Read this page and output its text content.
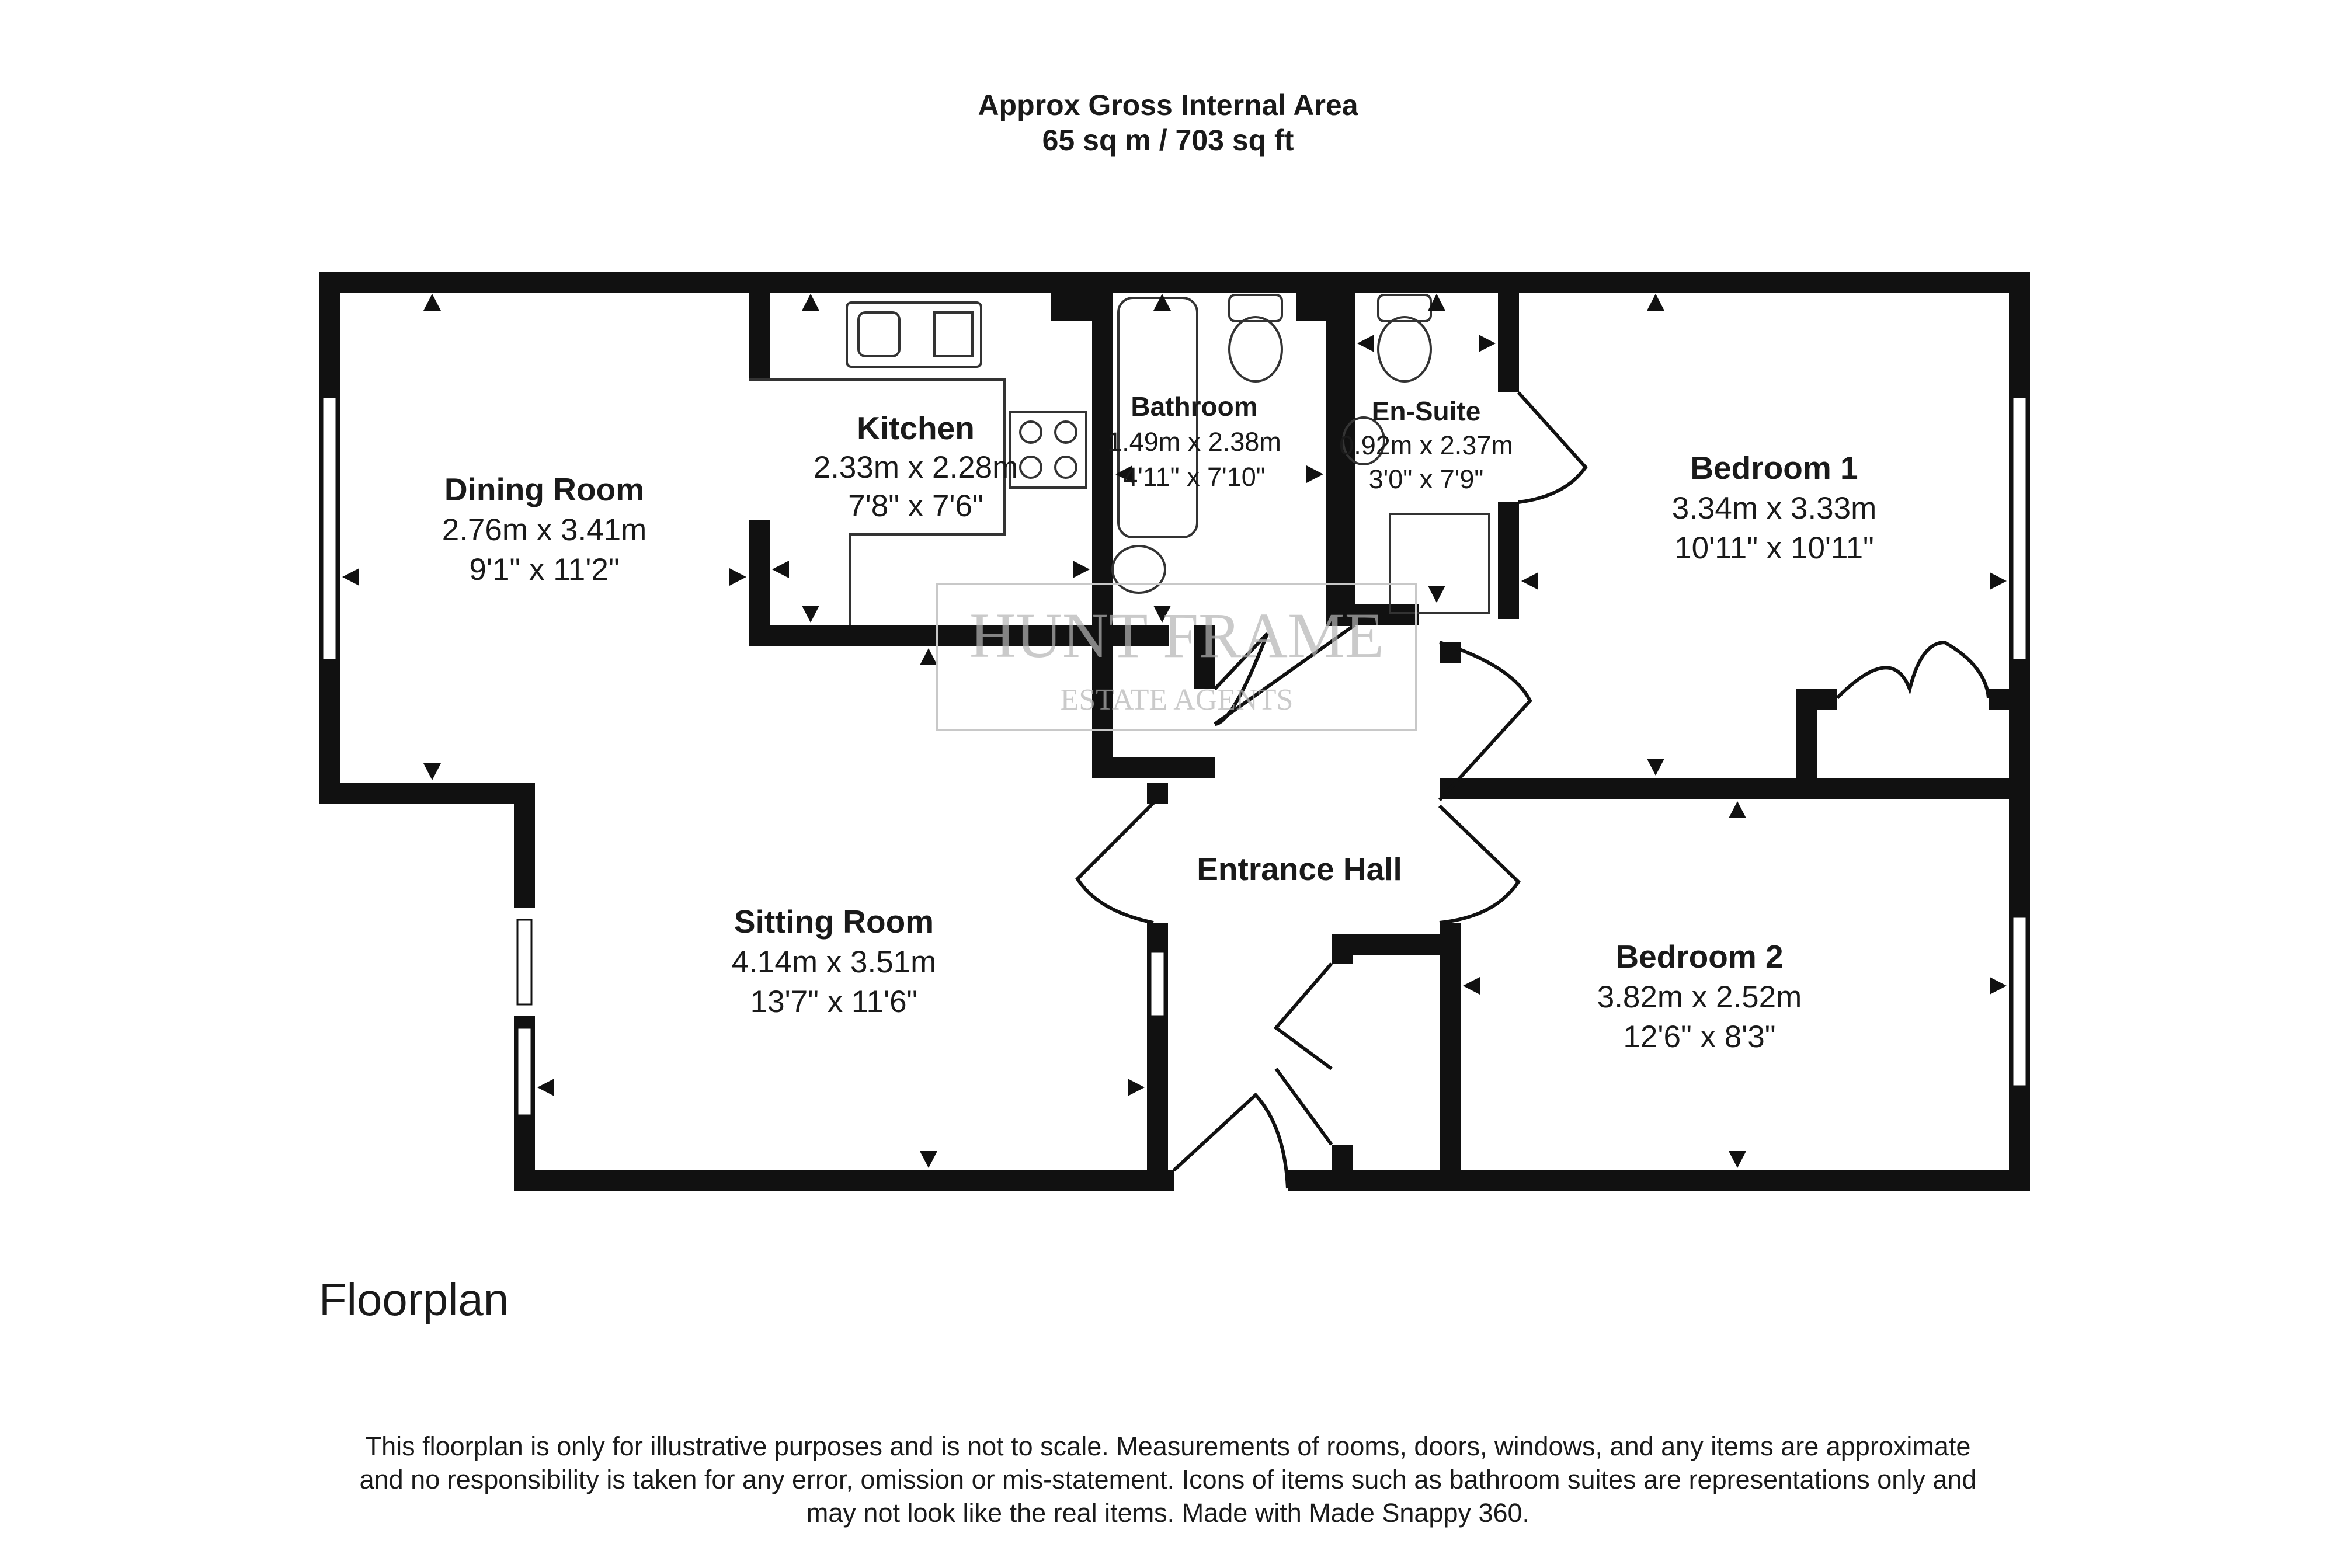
Approx Gross Internal Area
65 sq m / 703 sq ft
HUNT FRAME
ESTATE AGENTS
Dining Room
2.76m x 3.41m
9'1" x 11'2"
Kitchen
2.33m x 2.28m
7'8" x 7'6"
Bathroom
1.49m x 2.38m
4'11" x 7'10"
En-Suite
0.92m x 2.37m
3'0" x 7'9"	Bedroom 1
3.34m x 3.33m
10'11" x 10'11"
Sitting Room
4.14m x 3.51m
13'7" x 11'6"
Entrance Hall
Bedroom 2
3.82m x 2.52m
12'6" x 8'3"
Floorplan
This floorplan is only for illustrative purposes and is not to scale. Measurements of rooms, doors, windows, and any items are approximate
and no responsibility is taken for any error, omission or mis-statement. Icons of items such as bathroom suites are representations only and
may not look like the real items. Made with Made Snappy 360.
